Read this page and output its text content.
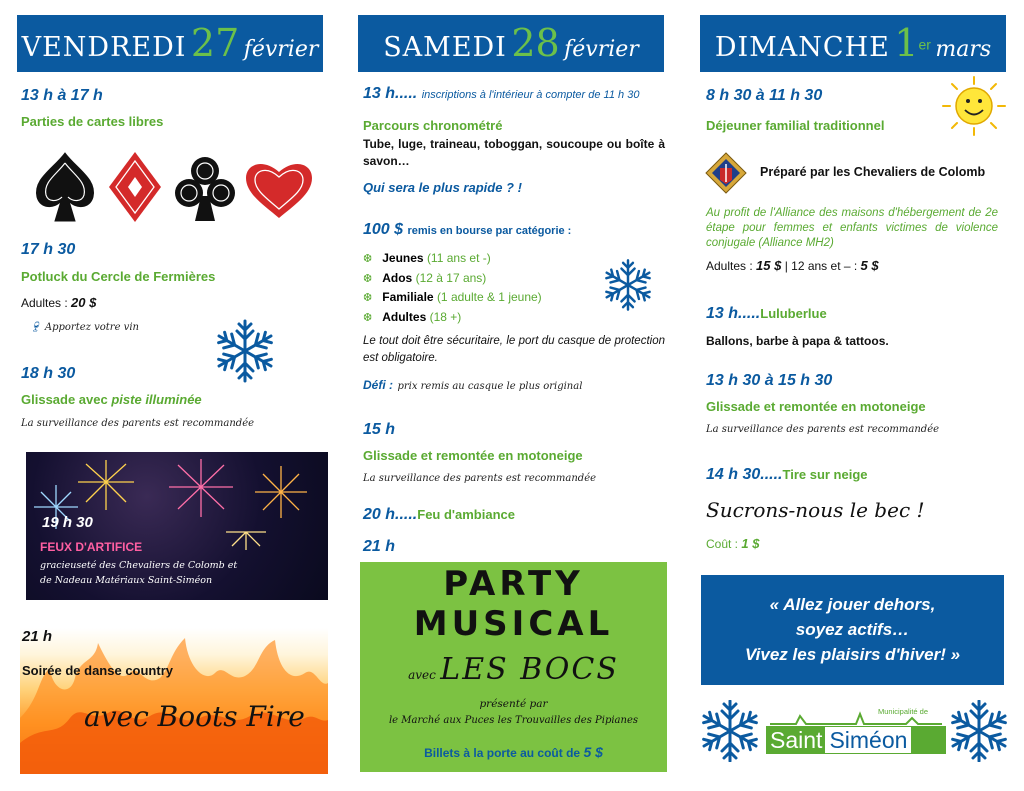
VENDREDI 27 février
13 h à 17 h
Parties de cartes libres
17 h 30
Potluck du Cercle de Fermières
Adultes : 20 $
🍷︎ Apportez votre vin
18 h 30
Glissade avec piste illuminée
La surveillance des parents est recommandée
19 h 30
FEUX D'ARTIFICE
gracieuseté des Chevaliers de Colomb et de Nadeau Matériaux Saint-Siméon
21 h
Soirée de danse country
avec Boots Fire
SAMEDI 28 février
13 h..... inscriptions à l'intérieur à compter de 11 h 30
Parcours chronométré
Tube, luge, traineau, toboggan, soucoupe ou boîte à savon…
Qui sera le plus rapide ? !
100 $ remis en bourse par catégorie :
❆ Jeunes (11 ans et -)
❆ Ados (12 à 17 ans)
❆ Familiale (1 adulte & 1 jeune)
❆ Adultes (18 +)
Le tout doit être sécuritaire, le port du casque de protection est obligatoire.
Défi : prix remis au casque le plus original
15 h
Glissade et remontée en motoneige
La surveillance des parents est recommandée
20 h.....Feu d'ambiance
21 h
PARTY
MUSICAL
avec LES BOCS
présenté par
le Marché aux Puces les Trouvailles des Pipianes
Billets à la porte au coût de 5 $
DIMANCHE 1er mars
8 h 30 à 11 h 30
Déjeuner familial traditionnel
Préparé par les Chevaliers de Colomb
Au profit de l'Alliance des maisons d'hébergement de 2e étape pour femmes et enfants victimes de violence conjugale (Alliance MH2)
Adultes : 15 $ | 12 ans et – : 5 $
13 h.....Luluberlue
Ballons, barbe à papa & tattoos.
13 h 30 à 15 h 30
Glissade et remontée en motoneige
La surveillance des parents est recommandée
14 h 30.....Tire sur neige
Sucrons-nous le bec !
Coût : 1 $
« Allez jouer dehors,
soyez actifs…
Vivez les plaisirs d'hiver! »
Municipalité de
Saint Siméon
